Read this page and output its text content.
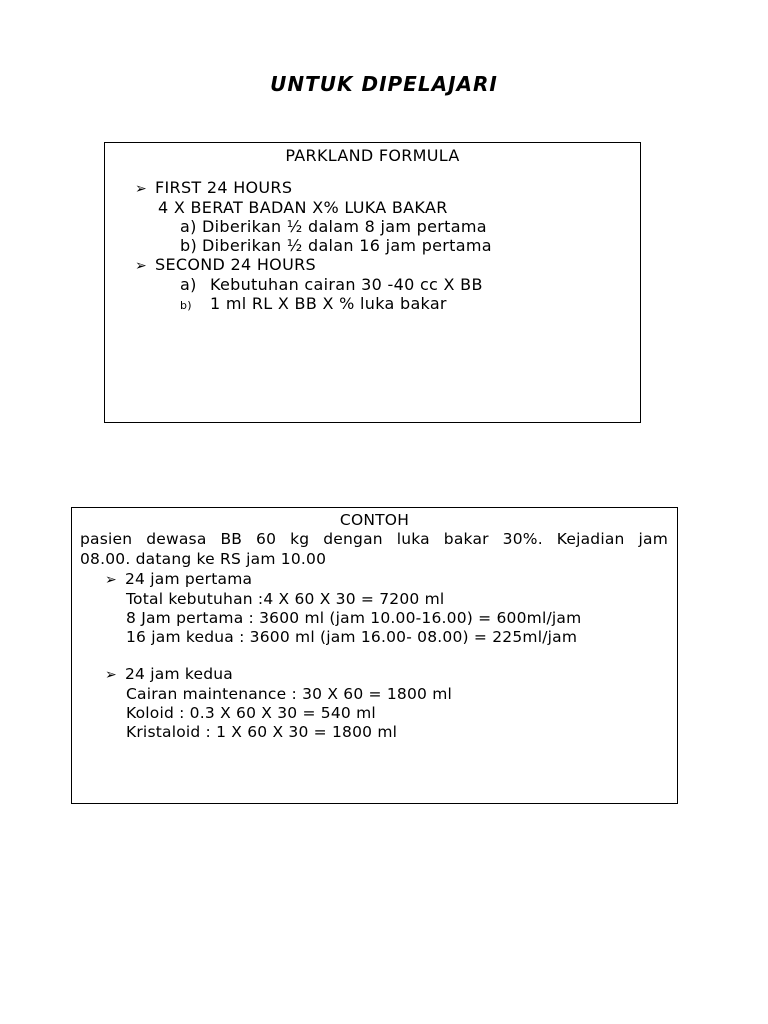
UNTUK DIPELAJARI
PARKLAND FORMULA
➢ FIRST 24 HOURS
4 X BERAT BADAN X% LUKA BAKAR
a) Diberikan ½ dalam 8 jam pertama
b) Diberikan ½ dalan 16 jam pertama
➢ SECOND 24 HOURS
a) Kebutuhan cairan 30 -40 cc X BB
b) 1 ml RL X BB X % luka bakar
CONTOH
pasien dewasa BB 60 kg dengan luka bakar 30%. Kejadian jam
08.00. datang ke RS jam 10.00
➢ 24 jam pertama
Total kebutuhan :4 X 60 X 30 = 7200 ml
8 Jam pertama : 3600 ml (jam 10.00-16.00) = 600ml/jam
16 jam kedua : 3600 ml (jam 16.00- 08.00) = 225ml/jam
➢ 24 jam kedua
Cairan maintenance : 30 X 60 = 1800 ml
Koloid : 0.3 X 60 X 30 = 540 ml
Kristaloid : 1 X 60 X 30 = 1800 ml
